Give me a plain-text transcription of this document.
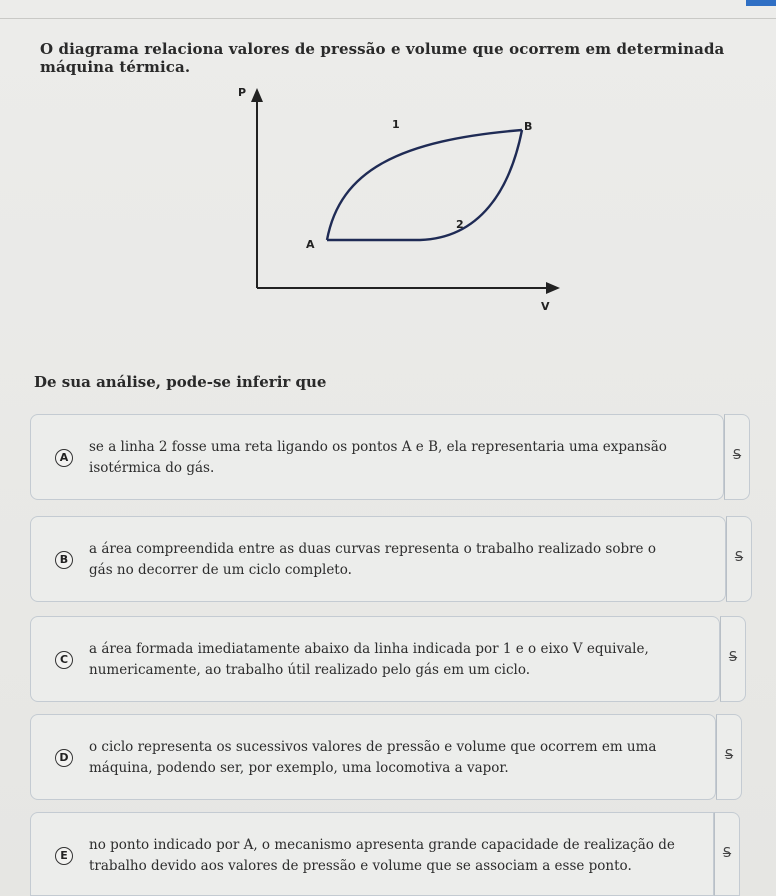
O diagrama relaciona valores de pressão e volume que ocorrem em determinada máquina térmica.
P
V
A
B
1
2
De sua análise, pode-se inferir que
A
se a linha 2 fosse uma reta ligando os pontos A e B, ela representaria uma expansão isotérmica do gás.
S
B
a área compreendida entre as duas curvas representa o trabalho realizado sobre o gás no decorrer de um ciclo completo.
S
C
a área formada imediatamente abaixo da linha indicada por 1 e o eixo V equivale, numericamente, ao trabalho útil realizado pelo gás em um ciclo.
S
D
o ciclo representa os sucessivos valores de pressão e volume que ocorrem em uma máquina, podendo ser, por exemplo, uma locomotiva a vapor.
S
E
no ponto indicado por A, o mecanismo apresenta grande capacidade de realização de trabalho devido aos valores de pressão e volume que se associam a esse ponto.
S
